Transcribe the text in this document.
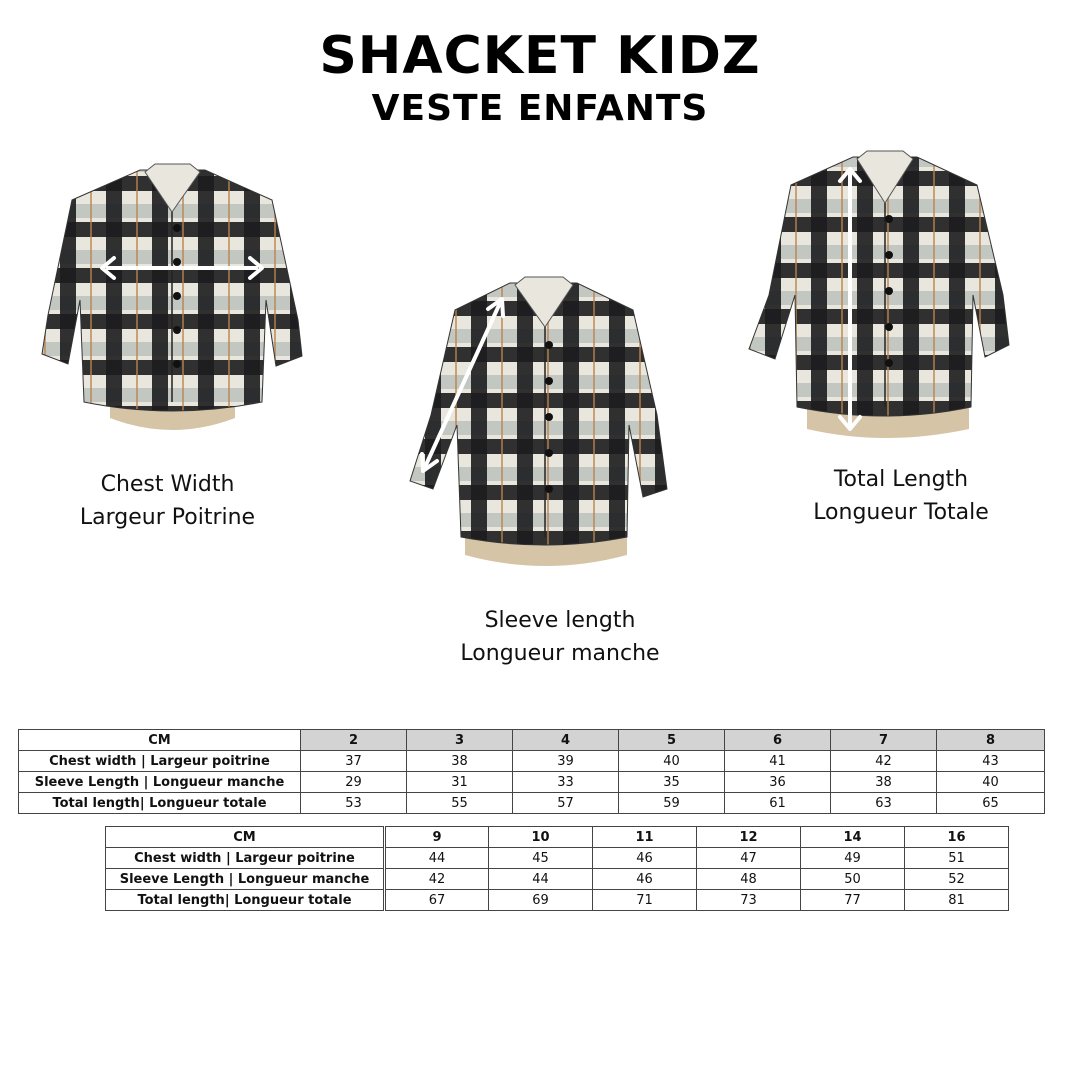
SHACKET KIDZ
VESTE ENFANTS
Chest Width
Largeur Poitrine
Sleeve length
Longueur manche
Total Length
Longueur Totale
CM	2	3	4	5	6	7	8
Chest width | Largeur poitrine	37	38	39	40	41	42	43
Sleeve Length | Longueur manche	29	31	33	35	36	38	40
Total length| Longueur totale	53	55	57	59	61	63	65
CM	9	10	11	12	14	16
Chest width | Largeur poitrine	44	45	46	47	49	51
Sleeve Length | Longueur manche	42	44	46	48	50	52
Total length| Longueur totale	67	69	71	73	77	81
